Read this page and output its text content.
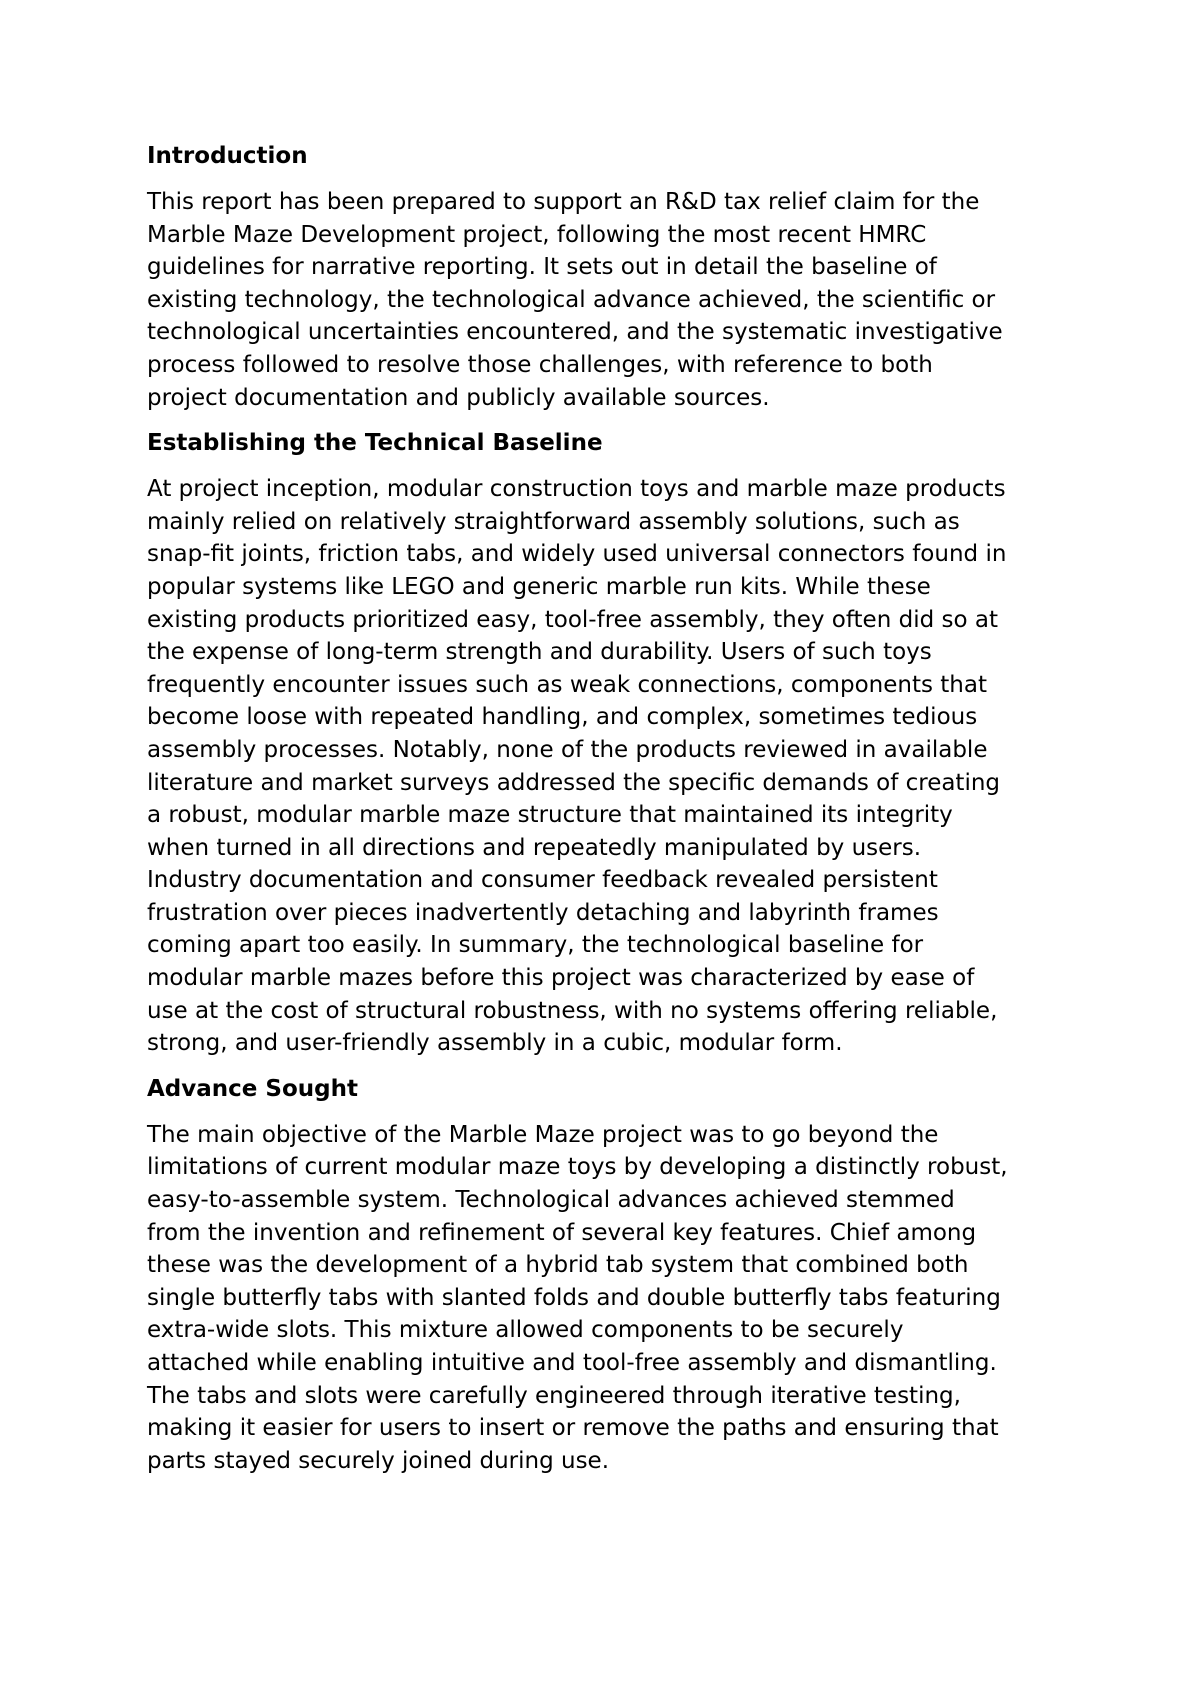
Introduction
This report has been prepared to support an R&D tax relief claim for the
Marble Maze Development project, following the most recent HMRC
guidelines for narrative reporting. It sets out in detail the baseline of
existing technology, the technological advance achieved, the scientific or
technological uncertainties encountered, and the systematic investigative
process followed to resolve those challenges, with reference to both
project documentation and publicly available sources.
Establishing the Technical Baseline
At project inception, modular construction toys and marble maze products
mainly relied on relatively straightforward assembly solutions, such as
snap-fit joints, friction tabs, and widely used universal connectors found in
popular systems like LEGO and generic marble run kits. While these
existing products prioritized easy, tool-free assembly, they often did so at
the expense of long-term strength and durability. Users of such toys
frequently encounter issues such as weak connections, components that
become loose with repeated handling, and complex, sometimes tedious
assembly processes. Notably, none of the products reviewed in available
literature and market surveys addressed the specific demands of creating
a robust, modular marble maze structure that maintained its integrity
when turned in all directions and repeatedly manipulated by users.
Industry documentation and consumer feedback revealed persistent
frustration over pieces inadvertently detaching and labyrinth frames
coming apart too easily. In summary, the technological baseline for
modular marble mazes before this project was characterized by ease of
use at the cost of structural robustness, with no systems offering reliable,
strong, and user-friendly assembly in a cubic, modular form.
Advance Sought
The main objective of the Marble Maze project was to go beyond the
limitations of current modular maze toys by developing a distinctly robust,
easy-to-assemble system. Technological advances achieved stemmed
from the invention and refinement of several key features. Chief among
these was the development of a hybrid tab system that combined both
single butterfly tabs with slanted folds and double butterfly tabs featuring
extra-wide slots. This mixture allowed components to be securely
attached while enabling intuitive and tool-free assembly and dismantling.
The tabs and slots were carefully engineered through iterative testing,
making it easier for users to insert or remove the paths and ensuring that
parts stayed securely joined during use.
